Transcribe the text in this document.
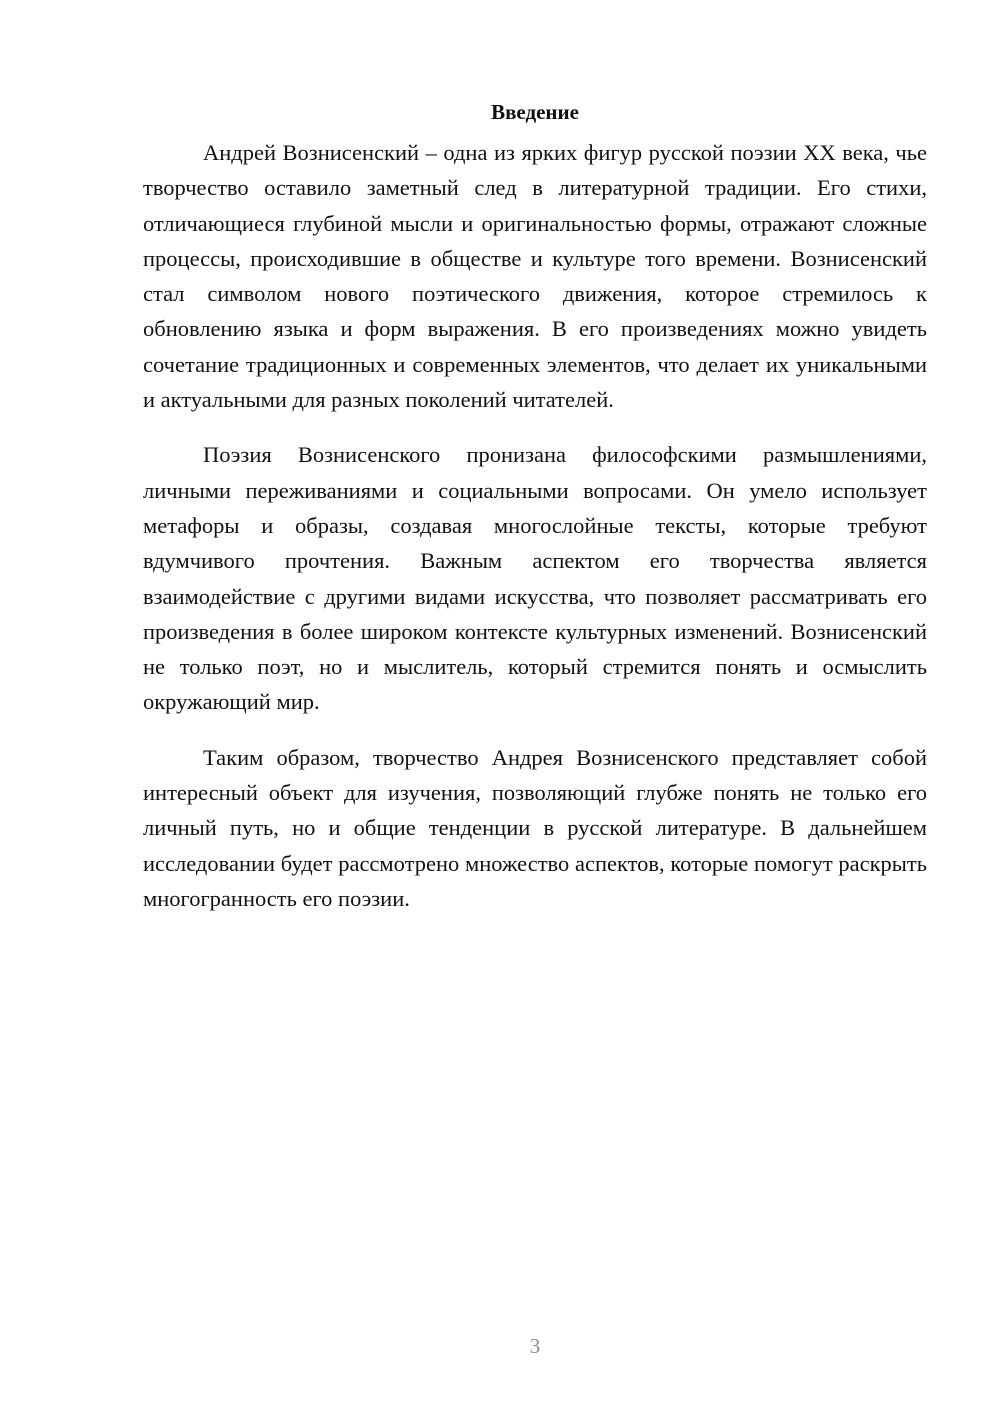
Введение

Андрей Вознисенский – одна из ярких фигур русской поэзии XX века, чье творчество оставило заметный след в литературной традиции. Его стихи, отличающиеся глубиной мысли и оригинальностью формы, отражают сложные процессы, происходившие в обществе и культуре того времени. Вознисенский стал символом нового поэтического движения, которое стремилось к обновлению языка и форм выражения. В его произведениях можно увидеть сочетание традиционных и современных элементов, что делает их уникальными и актуальными для разных поколений читателей.

Поэзия Вознисенского пронизана философскими размышлениями, личными переживаниями и социальными вопросами. Он умело использует метафоры и образы, создавая многослойные тексты, которые требуют вдумчивого прочтения. Важным аспектом его творчества является взаимодействие с другими видами искусства, что позволяет рассматривать его произведения в более широком контексте культурных изменений. Вознисенский не только поэт, но и мыслитель, который стремится понять и осмыслить окружающий мир.

Таким образом, творчество Андрея Вознисенского представляет собой интересный объект для изучения, позволяющий глубже понять не только его личный путь, но и общие тенденции в русской литературе. В дальнейшем исследовании будет рассмотрено множество аспектов, которые помогут раскрыть многогранность его поэзии.

3
